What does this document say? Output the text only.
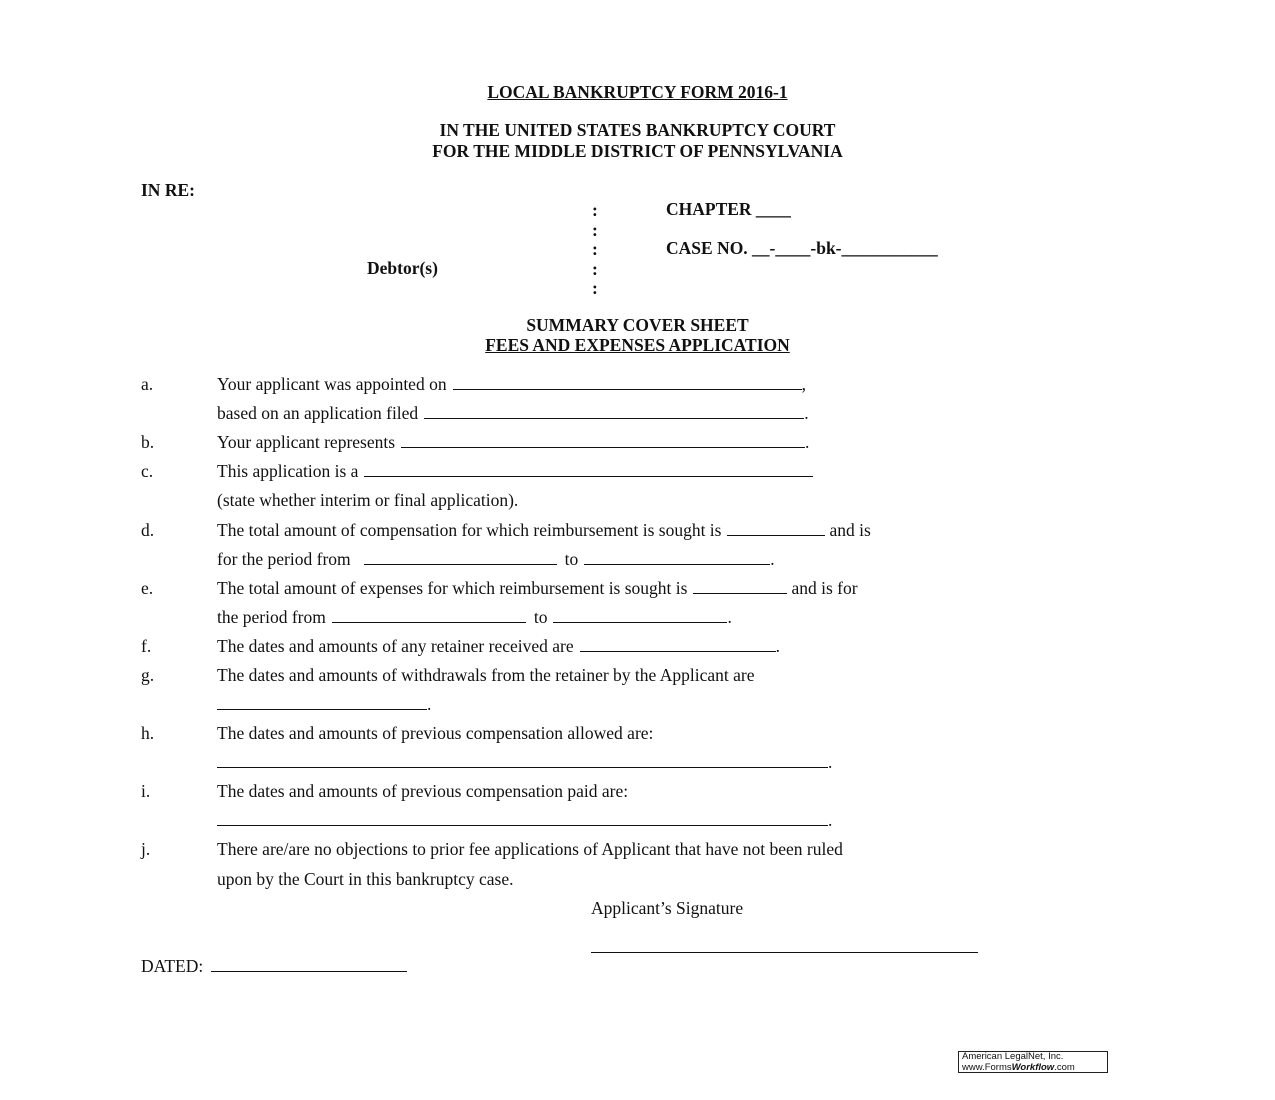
LOCAL BANKRUPTCY FORM 2016-1
IN THE UNITED STATES BANKRUPTCY COURT
FOR THE MIDDLE DISTRICT OF PENNSYLVANIA
IN RE:
Debtor(s)
:
:
:
:
:
CHAPTER ____
CASE NO. __-____-bk-___________
SUMMARY COVER SHEET
FEES AND EXPENSES APPLICATION
a.	Your applicant was appointed on	,
based on an application filed	.
b.	Your applicant represents	.
c.	This application is a
(state whether interim or final application).
d.	The total amount of compensation for which reimbursement is sought is	and is
for the period from	to	.
e.	The total amount of expenses for which reimbursement is sought is	and is for
the period from	to	.
f.	The dates and amounts of any retainer received are	.
g.	The dates and amounts of withdrawals from the retainer by the Applicant are
.
h.	The dates and amounts of previous compensation allowed are:
.
i.	The dates and amounts of previous compensation paid are:
.
j.	There are/are no objections to prior fee applications of Applicant that have not been ruled
upon by the Court in this bankruptcy case.
Applicant’s Signature
DATED:
American LegalNet, Inc.
www.FormsWorkflow.com
